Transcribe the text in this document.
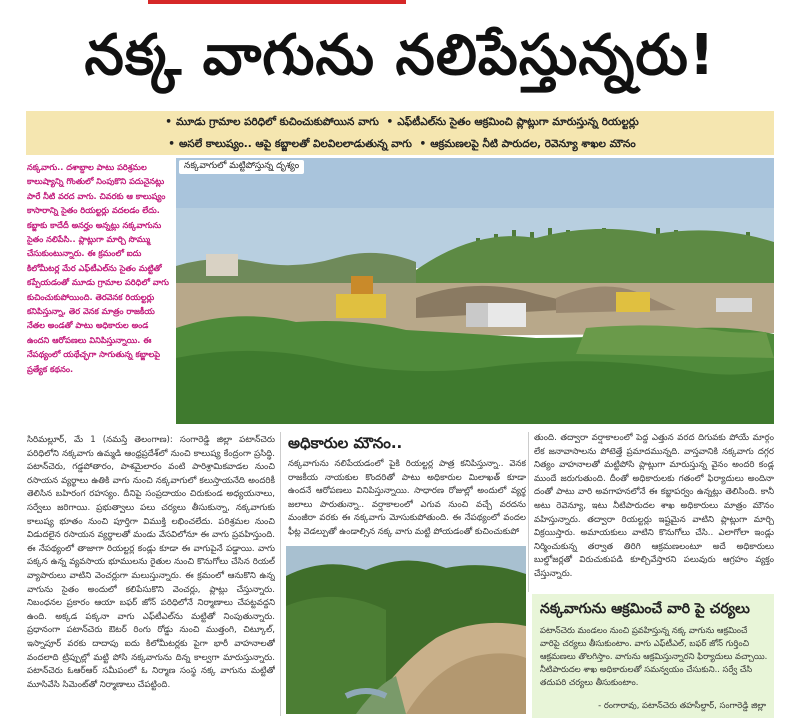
నక్క వాగును నలిపేస్తున్నరు!
• మూడు గ్రామాల పరిధిలో కుచించుకుపోయిన వాగు • ఎఫ్‌టీఎల్‌ను సైతం ఆక్రమించి ప్లాట్లుగా మారుస్తున్న రియల్టర్లు
• అసలే కాలుష్యం.. ఆపై కబ్జాలతో విలవిలలాడుతున్న వాగు • ఆక్రమణలపై నీటి పారుదల, రెవెన్యూ శాఖల మౌనం
నక్కవాగు.. దశాబ్దాల పాటు పరిశ్రమల కాలుష్యాన్ని గొంతులో నింపుకొని పదునైనట్లు పారే నీటి వరద వాగు. చివరకు ఆ కాలుష్యం కాసారాన్ని సైతం రియల్టర్లు వదలడం లేదు. కబ్జాకు కాదేదీ అనర్హం అన్నట్లు నక్కవాగును సైతం నలిపేసి.. ప్లాట్లుగా మార్చి సొమ్ము చేసుకుంటున్నారు. ఈ క్రమంలో ఐదు కిలోమీటర్ల మేర ఎఫ్‌టీఎల్‌ను సైతం మట్టితో కప్పేయడంతో మూడు గ్రామాల పరిధిలో వాగు కుచించుకుపోయింది. తెరవెనక రియల్టర్లు కనిపిస్తున్నా, తెర వెనక మాత్రం రాజకీయ నేతల అండతో పాటు అధికారుల అండ ఉందని ఆరోపణలు వినిపిస్తున్నాయి. ఈ నేపథ్యంలో యథేచ్ఛగా సాగుతున్న కబ్జాలపై ప్రత్యేక కథనం.
నక్కవాగులో మట్టిపోస్తున్న దృశ్యం
సిరిమల్లూర్, మే 1 (నమస్తే తెలంగాణ): సంగారెడ్డి జిల్లా పటాన్‌చెరు పరిధిలోని నక్కవాగు ఉమ్మడి ఆంధ్రప్రదేశ్‌లో నుంచి కాలుష్య కేంద్రంగా ప్రసిద్ధి. పటాన్‌చెరు, గడ్డపోతారం, పాశమైలారం వంటి పారిశ్రామికవాడల నుంచి రసాయన వ్యర్థాలు ఉతికి వాగు నుంచి నక్కవాగులో కలుస్తాయనేది అందరికీ తెలిసిన బహిరంగ రహస్యం. దీనిపై సంప్రదాయం చిరుకుండ అధ్యయనాలు, సర్వేలు జరిగాయి. ప్రభుత్వాలు పలు చర్యలు తీసుకున్నా, నక్కవాగుకు కాలుష్య భూతం నుంచి పూర్తిగా విముక్తి లభించలేదు. పరిశ్రమల నుంచి విడుదలైన రసాయన వ్యర్థాలతో మండు వేసవిలోనూ ఈ వాగు ప్రవహిస్తుంది. ఈ నేపథ్యంలో తాజాగా రియల్టర్ల కండ్లు కూడా ఈ వాగుపైనే పడ్డాయి. వాగు పక్కన ఉన్న వ్యవసాయ భూములను రైతుల నుంచి కొనుగోలు చేసిన రియల్ వ్యాపారులు వాటిని వెంచర్లుగా మలుస్తున్నారు. ఈ క్రమంలో ఆనుకొని ఉన్న వాగును సైతం అందులో కలిపేసుకొని వెంచర్లు, ప్లాట్లు చేస్తున్నారు. నిబంధనల ప్రకారం ఆయా బఫర్ జోన్ పరిధిలోనే నిర్మాణాలు చేపట్టవద్దని ఉంది. అక్కడ పక్కనా వాగు ఎఫ్‌టీఎల్‌ను మట్టితో నింపుతున్నారు. ప్రధానంగా పటాన్‌చెరు ఔటర్ రింగు రోడ్డు నుంచి ముత్తంగి, చిట్కూల్, ఇస్నాపూర్ వరకు దాదాపు ఐదు కిలోమీటర్లకు పైగా భారీ వాహనాలతో వందలాది ట్రిప్పుల్లో మట్టి పోసి నక్కవాగును దిన్న కాల్వగా మారుస్తున్నారు. పటాన్‌చెరు ఓఆర్‌ఆర్ సమీపంలో ఓ నిర్మాణ సంస్థ నక్క వాగును మట్టితో మూసివేసి సిమెంట్‌తో నిర్మాణాలు చేపట్టింది.
అధికారుల మౌనం..
నక్కవాగును నలిపేయడంలో పైకి రియల్టర్ల పాత్ర కనిపిస్తున్నా.. వెనక రాజకీయ నాయకుల కొందరితో పాటు అధికారుల మిలాఖత్ కూడా ఉందనే ఆరోపణలు వినిపిస్తున్నాయి. సాధారణ రోజుల్లో అందులో వ్యర్థ జలాలు పారుతున్నా.. వర్షాకాలంలో ఎగువ నుంచి వచ్చే వరదను మంజీరా వరకు ఈ నక్కవాగు మోసుకుపోతుంది. ఈ నేపథ్యంలో వందల ఫీట్ల వెడల్పుతో ఉండాల్సిన నక్క వాగు మట్టి పోయడంతో కుచించుకుపో
తుంది. తద్వారా వర్షాకాలంలో పెద్ద ఎత్తున వరద దిగువకు పోయే మార్గం లేక జనావాసాలను పోటెత్తే ప్రమాదమున్నది. వాస్తవానికి నక్కవాగు దగ్గర నిత్యం వాహనాలతో మట్టిపోసి ప్లాట్లుగా మారుస్తున్న వైనం అందరి కండ్ల ముందే జరుగుతుంది. దీంతో అధికారులకు గతంలో ఫిర్యాదులు అందినా దంతో పాటు వారి అవగాహనలోనే ఈ కబ్జాపర్వం ఉన్నట్లు తెలిసింది. కానీ అటు రెవెన్యూ, ఇటు నీటిపారుదల శాఖ అధికారులు మాత్రం మౌనం వహిస్తున్నారు. తద్వారా రియల్టర్లు ఇష్టమైన వాటిని ప్లాట్లుగా మార్చి విక్రయిస్తారు. అమాయకులు వాటిని కొనుగోలు చేసి.. ఎలాగోలా ఇండ్లు నిర్మించుకున్న తర్వాత తిరిగి ఆక్రమణలంటూ అదే అధికారులు బుల్డోజర్లతో విరుచుకుపడి కూల్చివేస్తారని పలువురు ఆగ్రహం వ్యక్తం చేస్తున్నారు.
నక్కవాగును ఆక్రమించే వారి పై చర్యలు
పటాన్‌చెరు మండలం నుంచి ప్రవహిస్తున్న నక్క వాగును ఆక్రమించే వారిపై చర్యలు తీసుకుంటాం. వాగు ఎఫ్‌టీఎల్, బఫర్ జోన్ గుర్తించి ఆక్రమణలు తొలగిస్తాం. వాగును ఆక్రమిస్తున్నారని ఫిర్యాదులు వచ్చాయి. నీటిపారుదల శాఖ అధికారులతో సమన్వయం చేసుకుని.. సర్వే చేసి తదుపరి చర్యలు తీసుకుంటాం.
- రంగారావు, పటాన్‌చెరు తహసీల్దార్, సంగారెడ్డి జిల్లా
